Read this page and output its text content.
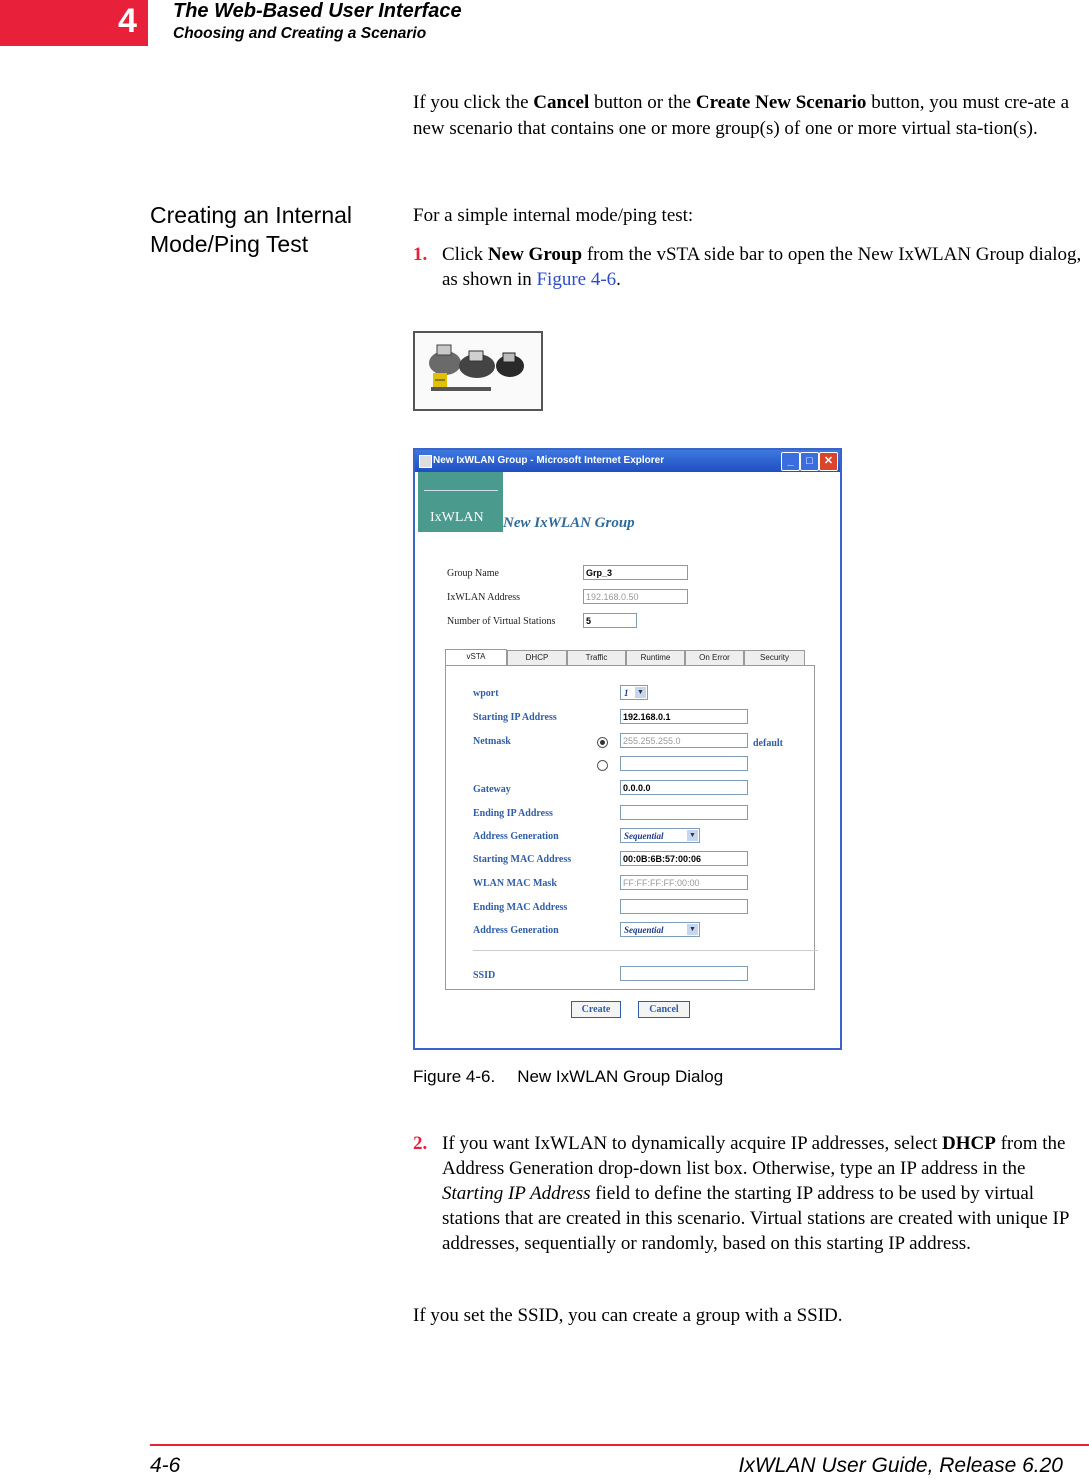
4 The Web-Based User Interface
Choosing and Creating a Scenario
If you click the Cancel button or the Create New Scenario button, you must cre-ate a new scenario that contains one or more group(s) of one or more virtual sta-tion(s).
Creating an Internal Mode/Ping Test
For a simple internal mode/ping test:
1. Click New Group from the vSTA side bar to open the New IxWLAN Group dialog, as shown in Figure 4-6.
New IxWLAN Group - Microsoft Internet Explorer	_	□	✕
IxWLAN New IxWLAN Group
Group Name	Grp_3
IxWLAN Address	192.168.0.50
Number of Virtual Stations	5
vSTA	DHCP	Traffic	Runtime	On Error	Security
wport	1 ▼
Starting IP Address	192.168.0.1
Netmask	255.255.255.0	default
Gateway	0.0.0.0
Ending IP Address
Address Generation	Sequential	▼
Starting MAC Address	00:0B:6B:57:00:06
WLAN MAC Mask	FF:FF:FF:FF:00:00
Ending MAC Address
Address Generation	Sequential	▼
SSID
Create	Cancel
Figure 4-6. New IxWLAN Group Dialog
2. If you want IxWLAN to dynamically acquire IP addresses, select DHCP from the Address Generation drop-down list box. Otherwise, type an IP address in the Starting IP Address field to define the starting IP address to be used by virtual stations that are created in this scenario. Virtual stations are created with unique IP addresses, sequentially or randomly, based on this starting IP address.
If you set the SSID, you can create a group with a SSID.
4-6	IxWLAN User Guide, Release 6.20
